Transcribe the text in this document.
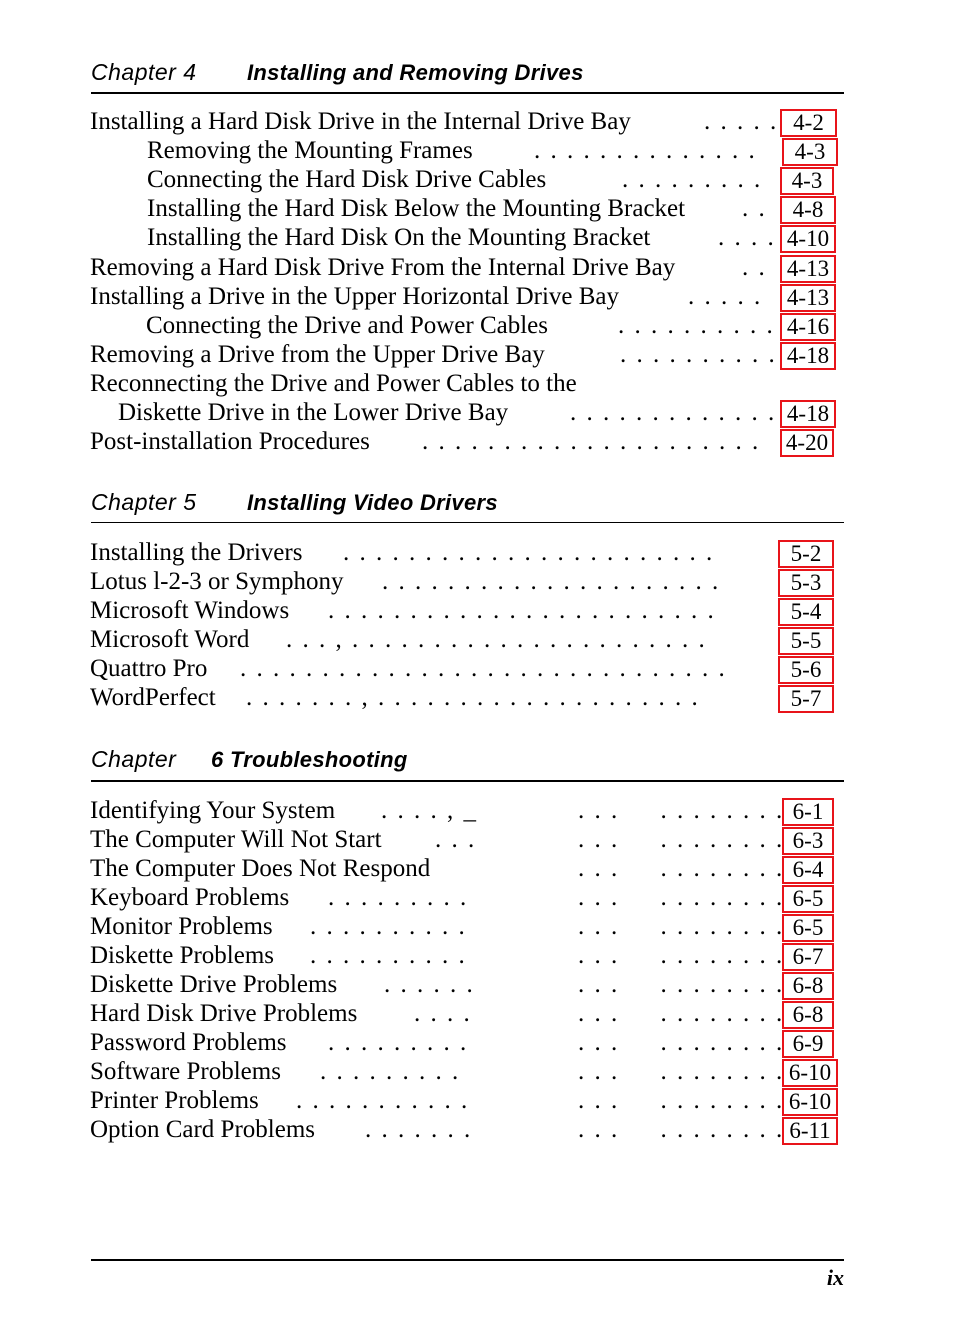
Chapter 4 Installing and Removing Drives
Installing a Hard Disk Drive in the Internal Drive Bay	. . . . . 4-2
Removing the Mounting Frames . . . . . . . . . . . . . .	4-3
Connecting the Hard Disk Drive Cables	. . . . . . . . .	4-3
Installing the Hard Disk Below the Mounting Bracket . .	4-8
Installing the Hard Disk On the Mounting Bracket	. . . . 4-10
Removing a Hard Disk Drive From the Internal Drive Bay	. . 4-13
Installing a Drive in the Upper Horizontal Drive Bay	. . . . .	4-13
Connecting the Drive and Power Cables	. . . . . . . . . . 4-16
Removing a Drive from the Upper Drive Bay	. . . . . . . . . . 4-18
Reconnecting the Drive and Power Cables to the
Diskette Drive in the Lower Drive Bay . . . . . . . . . . . . . 4-18
Post-installation Procedures . . . . . . . . . . . . . . . . . . . . . 4-20
Chapter 5 Installing Video Drivers
Installing the Drivers . . . . . . . . . . . . . . . . . . . . . . .	5-2
Lotus l-2-3 or Symphony . . . . . . . . . . . . . . . . . . . . .	5-3
Microsoft Windows . . . . . . . . . . . . . . . . . . . . . . . .	5-4
Microsoft Word . . . , . . . . . . . . . . . . . . . . . . . . . .	5-5
Quattro Pro . . . . . . . . . . . . . . . . . . . . . . . . . . . . . .	5-6
WordPerfect . . . . . . . , . . . . . . . . . . . . . . . . . . . .	5-7
Chapter 6 Troubleshooting
Identifying Your System . . . . , _	. . .     . . . . . . . . 6-1
The Computer Will Not Start . . .	. . .     . . . . . . . . 6-3
The Computer Does Not Respond	. . .     . . . . . . . . 6-4
Keyboard Problems . . . . . . . . .	. . .     . . . . . . . . 6-5
Monitor Problems . . . . . . . . . .	. . .     . . . . . . . . 6-5
Diskette Problems . . . . . . . . . .	. . .     . . . . . . . . 6-7
Diskette Drive Problems . . . . . .	. . .     . . . . . . . . 6-8
Hard Disk Drive Problems . . . .	. . .     . . . . . . . . 6-8
Password Problems . . . . . . . . .	. . .     . . . . . . . . 6-9
Software Problems . . . . . . . . .	. . .     . . . . . . . . 6-10
Printer Problems . . . . . . . . . . .	. . .     . . . . . . . . 6-10
Option Card Problems . . . . . . .	. . .     . . . . . . . . 6-11
ix
